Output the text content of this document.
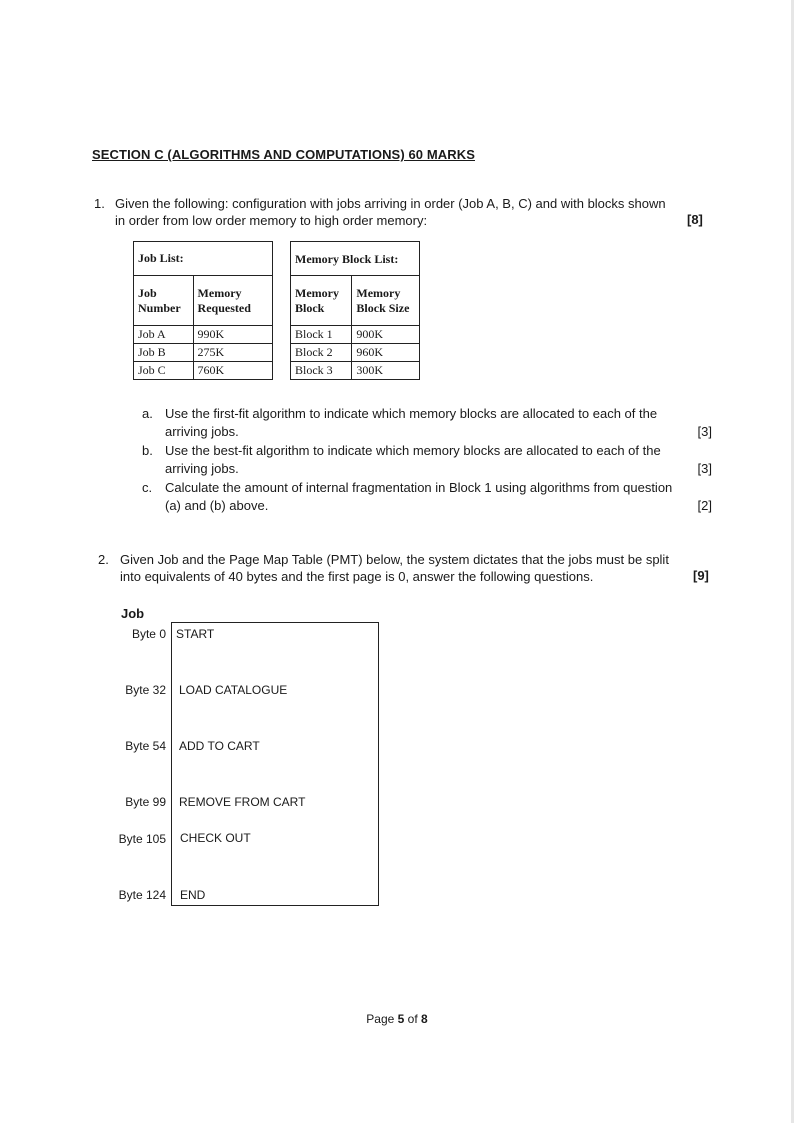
SECTION C (ALGORITHMS AND COMPUTATIONS) 60 MARKS
1. Given the following: configuration with jobs arriving in order (Job A, B, C) and with blocks shown
in order from low order memory to high order memory:	[8]
Job List:	
Job Number	Memory Requested
Job A	990K
Job B	275K
Job C	760K
Memory Block List:	
Memory Block	Memory Block Size
Block 1	900K
Block 2	960K
Block 3	300K
a. Use the first-fit algorithm to indicate which memory blocks are allocated to each of the
arriving jobs.	[3]
b. Use the best-fit algorithm to indicate which memory blocks are allocated to each of the
arriving jobs.	[3]
c. Calculate the amount of internal fragmentation in Block 1 using algorithms from question
(a) and (b) above.	[2]
2. Given Job and the Page Map Table (PMT) below, the system dictates that the jobs must be split
into equivalents of 40 bytes and the first page is 0, answer the following questions.	[9]
Job
Byte 0 START
Byte 32 LOAD CATALOGUE
Byte 54 ADD TO CART
Byte 99 REMOVE FROM CART
Byte 105 CHECK OUT
Byte 124 END
Page 5 of 8
